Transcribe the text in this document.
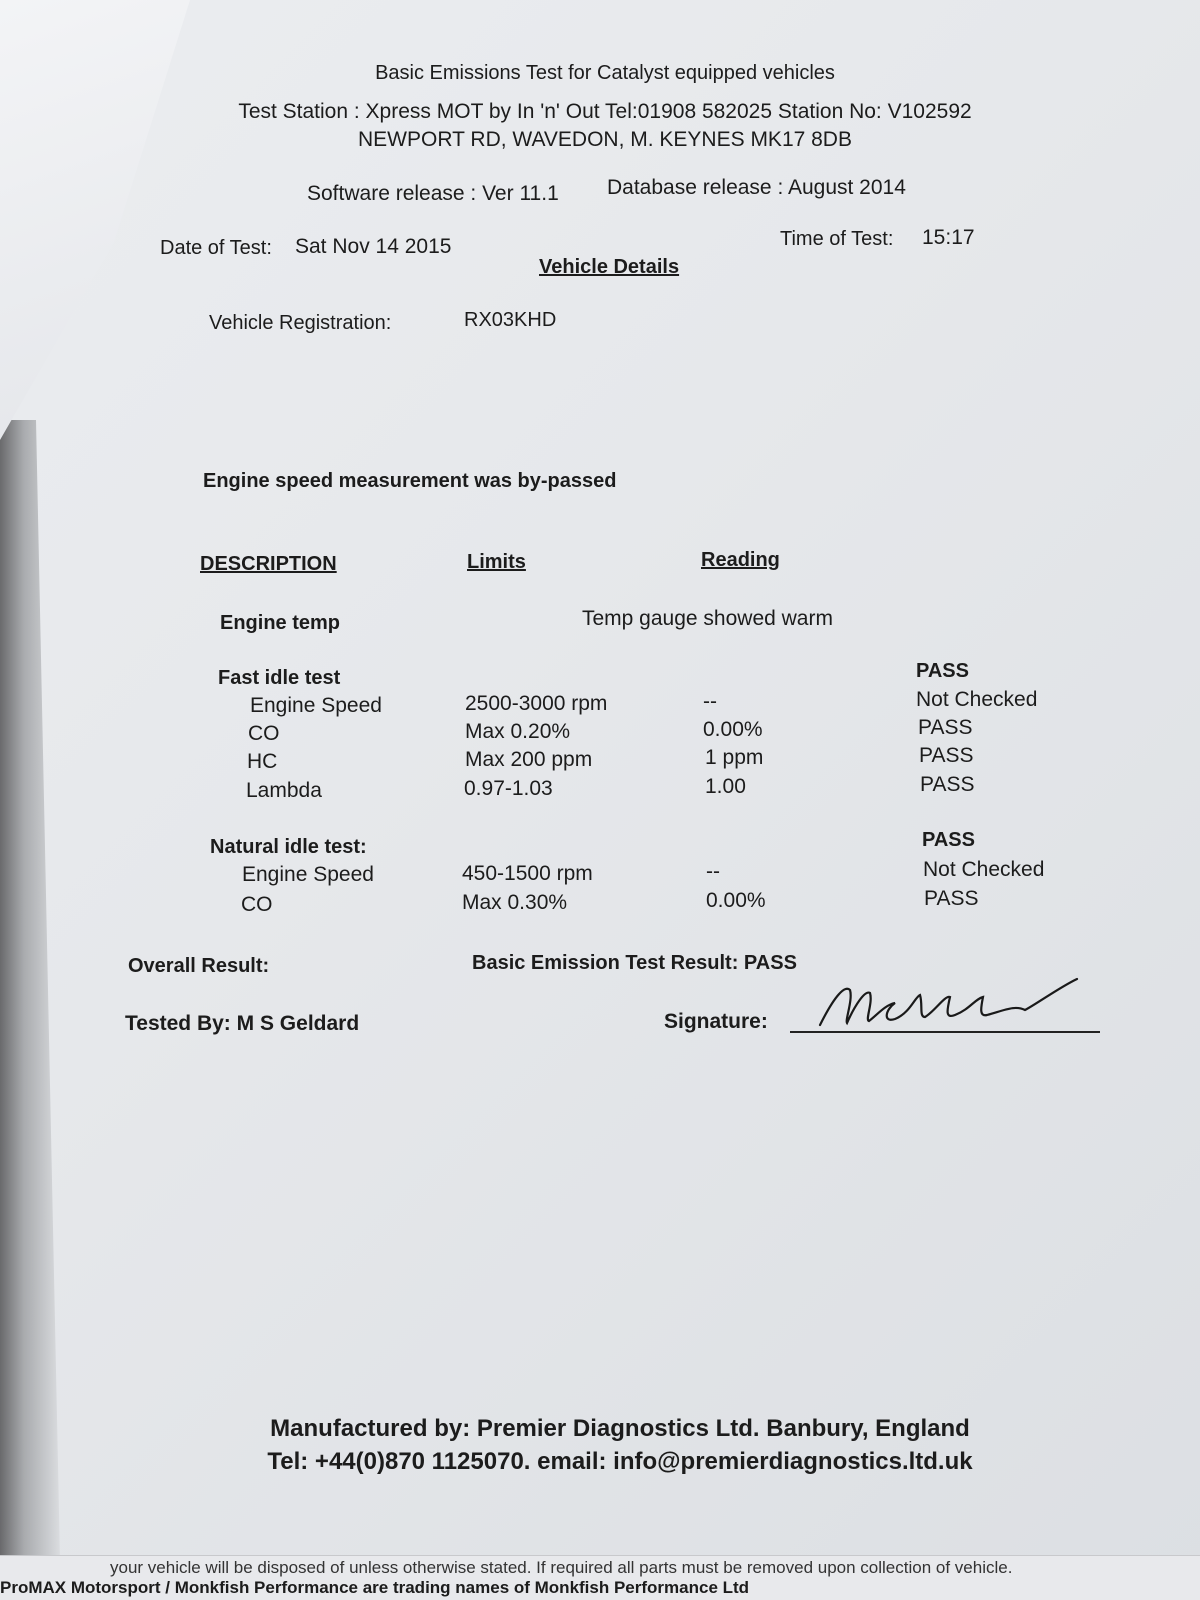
Basic Emissions Test for Catalyst equipped vehicles
Test Station : Xpress MOT by In 'n' Out Tel:01908 582025 Station No: V102592
NEWPORT RD, WAVEDON, M. KEYNES MK17 8DB
Software release : Ver 11.1 Database release : August 2014
Date of Test: Sat Nov 14 2015	Time of Test: 15:17
Vehicle Details
Vehicle Registration:	RX03KHD
Engine speed measurement was by-passed
DESCRIPTION	Limits	Reading
Engine temp	Temp gauge showed warm
Fast idle test	PASS
Engine Speed	2500-3000 rpm	--	Not Checked
CO	Max 0.20%	0.00%	PASS
HC	Max 200 ppm	1 ppm	PASS
Lambda	0.97-1.03	1.00	PASS
Natural idle test:	PASS
Engine Speed	450-1500 rpm	--	Not Checked
CO	Max 0.30%	0.00%	PASS
Overall Result:	Basic Emission Test Result: PASS
Tested By: M S Geldard	Signature:
Manufactured by: Premier Diagnostics Ltd. Banbury, England
Tel: +44(0)870 1125070. email: info@premierdiagnostics.ltd.uk
your vehicle will be disposed of unless otherwise stated. If required all parts must be removed upon collection of vehicle.
ProMAX Motorsport / Monkfish Performance are trading names of Monkfish Performance Ltd
